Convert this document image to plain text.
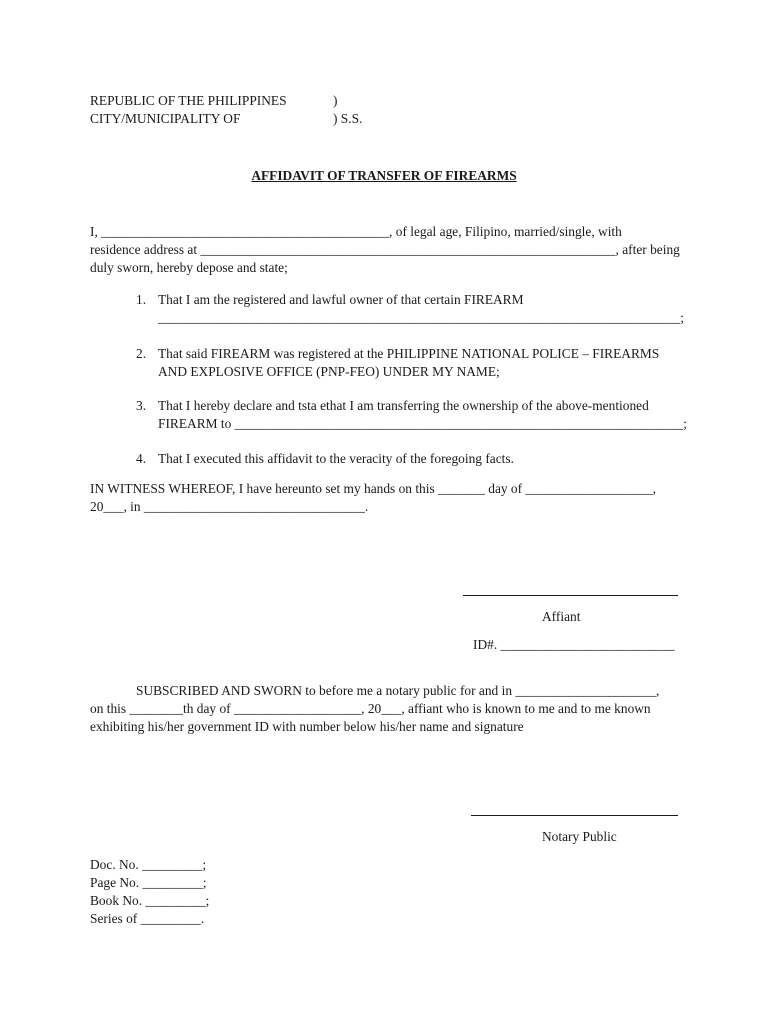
REPUBLIC OF THE PHILIPPINES	)
CITY/MUNICIPALITY OF	) S.S.
AFFIDAVIT OF TRANSFER OF FIREARMS
I, ___________________________________________, of legal age, Filipino, married/single, with
residence address at ______________________________________________________________, after being
duly sworn, hereby depose and state;
1. That I am the registered and lawful owner of that certain FIREARM
______________________________________________________________________________;
2. That said FIREARM was registered at the PHILIPPINE NATIONAL POLICE – FIREARMS
AND EXPLOSIVE OFFICE (PNP-FEO) UNDER MY NAME;
3. That I hereby declare and tsta ethat I am transferring the ownership of the above-mentioned
FIREARM to ___________________________________________________________________;
4. That I executed this affidavit to the veracity of the foregoing facts.
IN WITNESS WHEREOF, I have hereunto set my hands on this _______ day of ___________________,
20___, in _________________________________.
Affiant
ID#. __________________________
SUBSCRIBED AND SWORN to before me a notary public for and in _____________________,
on this ________th day of ___________________, 20___, affiant who is known to me and to me known
exhibiting his/her government ID with number below his/her name and signature
Notary Public
Doc. No. _________;
Page No. _________;
Book No. _________;
Series of _________.
